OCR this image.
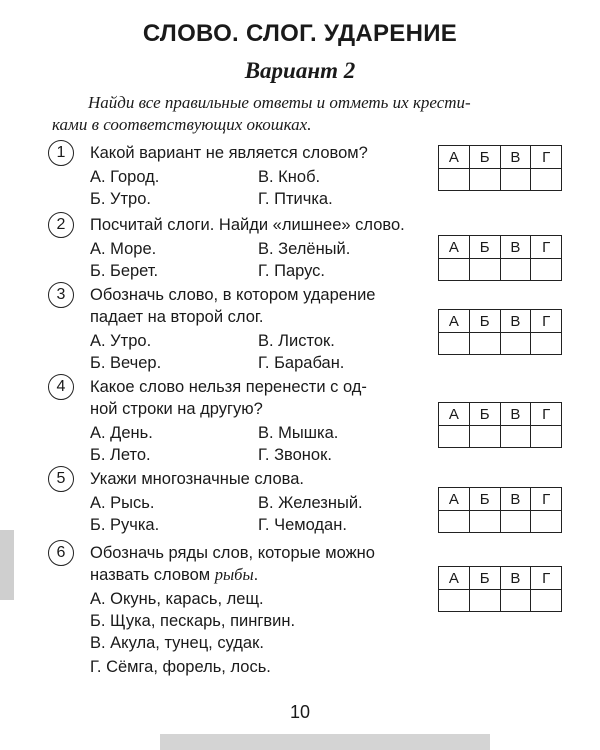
СЛОВО. СЛОГ. УДАРЕНИЕ
Вариант 2
Найди все правильные ответы и отметь их крести-
ками в соответствующих окошках.
1	Какой вариант не является словом?
А. Город.	В. Кноб.
Б. Утро.	Г. Птичка.
2	Посчитай слоги. Найди «лишнее» слово.
А. Море.	В. Зелёный.
Б. Берет.	Г. Парус.
3	Обозначь слово, в котором ударение
падает на второй слог.
А. Утро.	В. Листок.
Б. Вечер.	Г. Барабан.
4	Какое слово нельзя перенести с од-
ной строки на другую?
А. День.	В. Мышка.
Б. Лето.	Г. Звонок.
5	Укажи многозначные слова.
А. Рысь.	В. Железный.
Б. Ручка.	Г. Чемодан.
6	Обозначь ряды слов, которые можно
назвать словом рыбы.
А. Окунь, карась, лещ.
Б. Щука, пескарь, пингвин.
В. Акула, тунец, судак.
Г. Сёмга, форель, лось.
А	Б	В	Г
А	Б	В	Г
А	Б	В	Г
А	Б	В	Г
А	Б	В	Г
А	Б	В	Г
10
